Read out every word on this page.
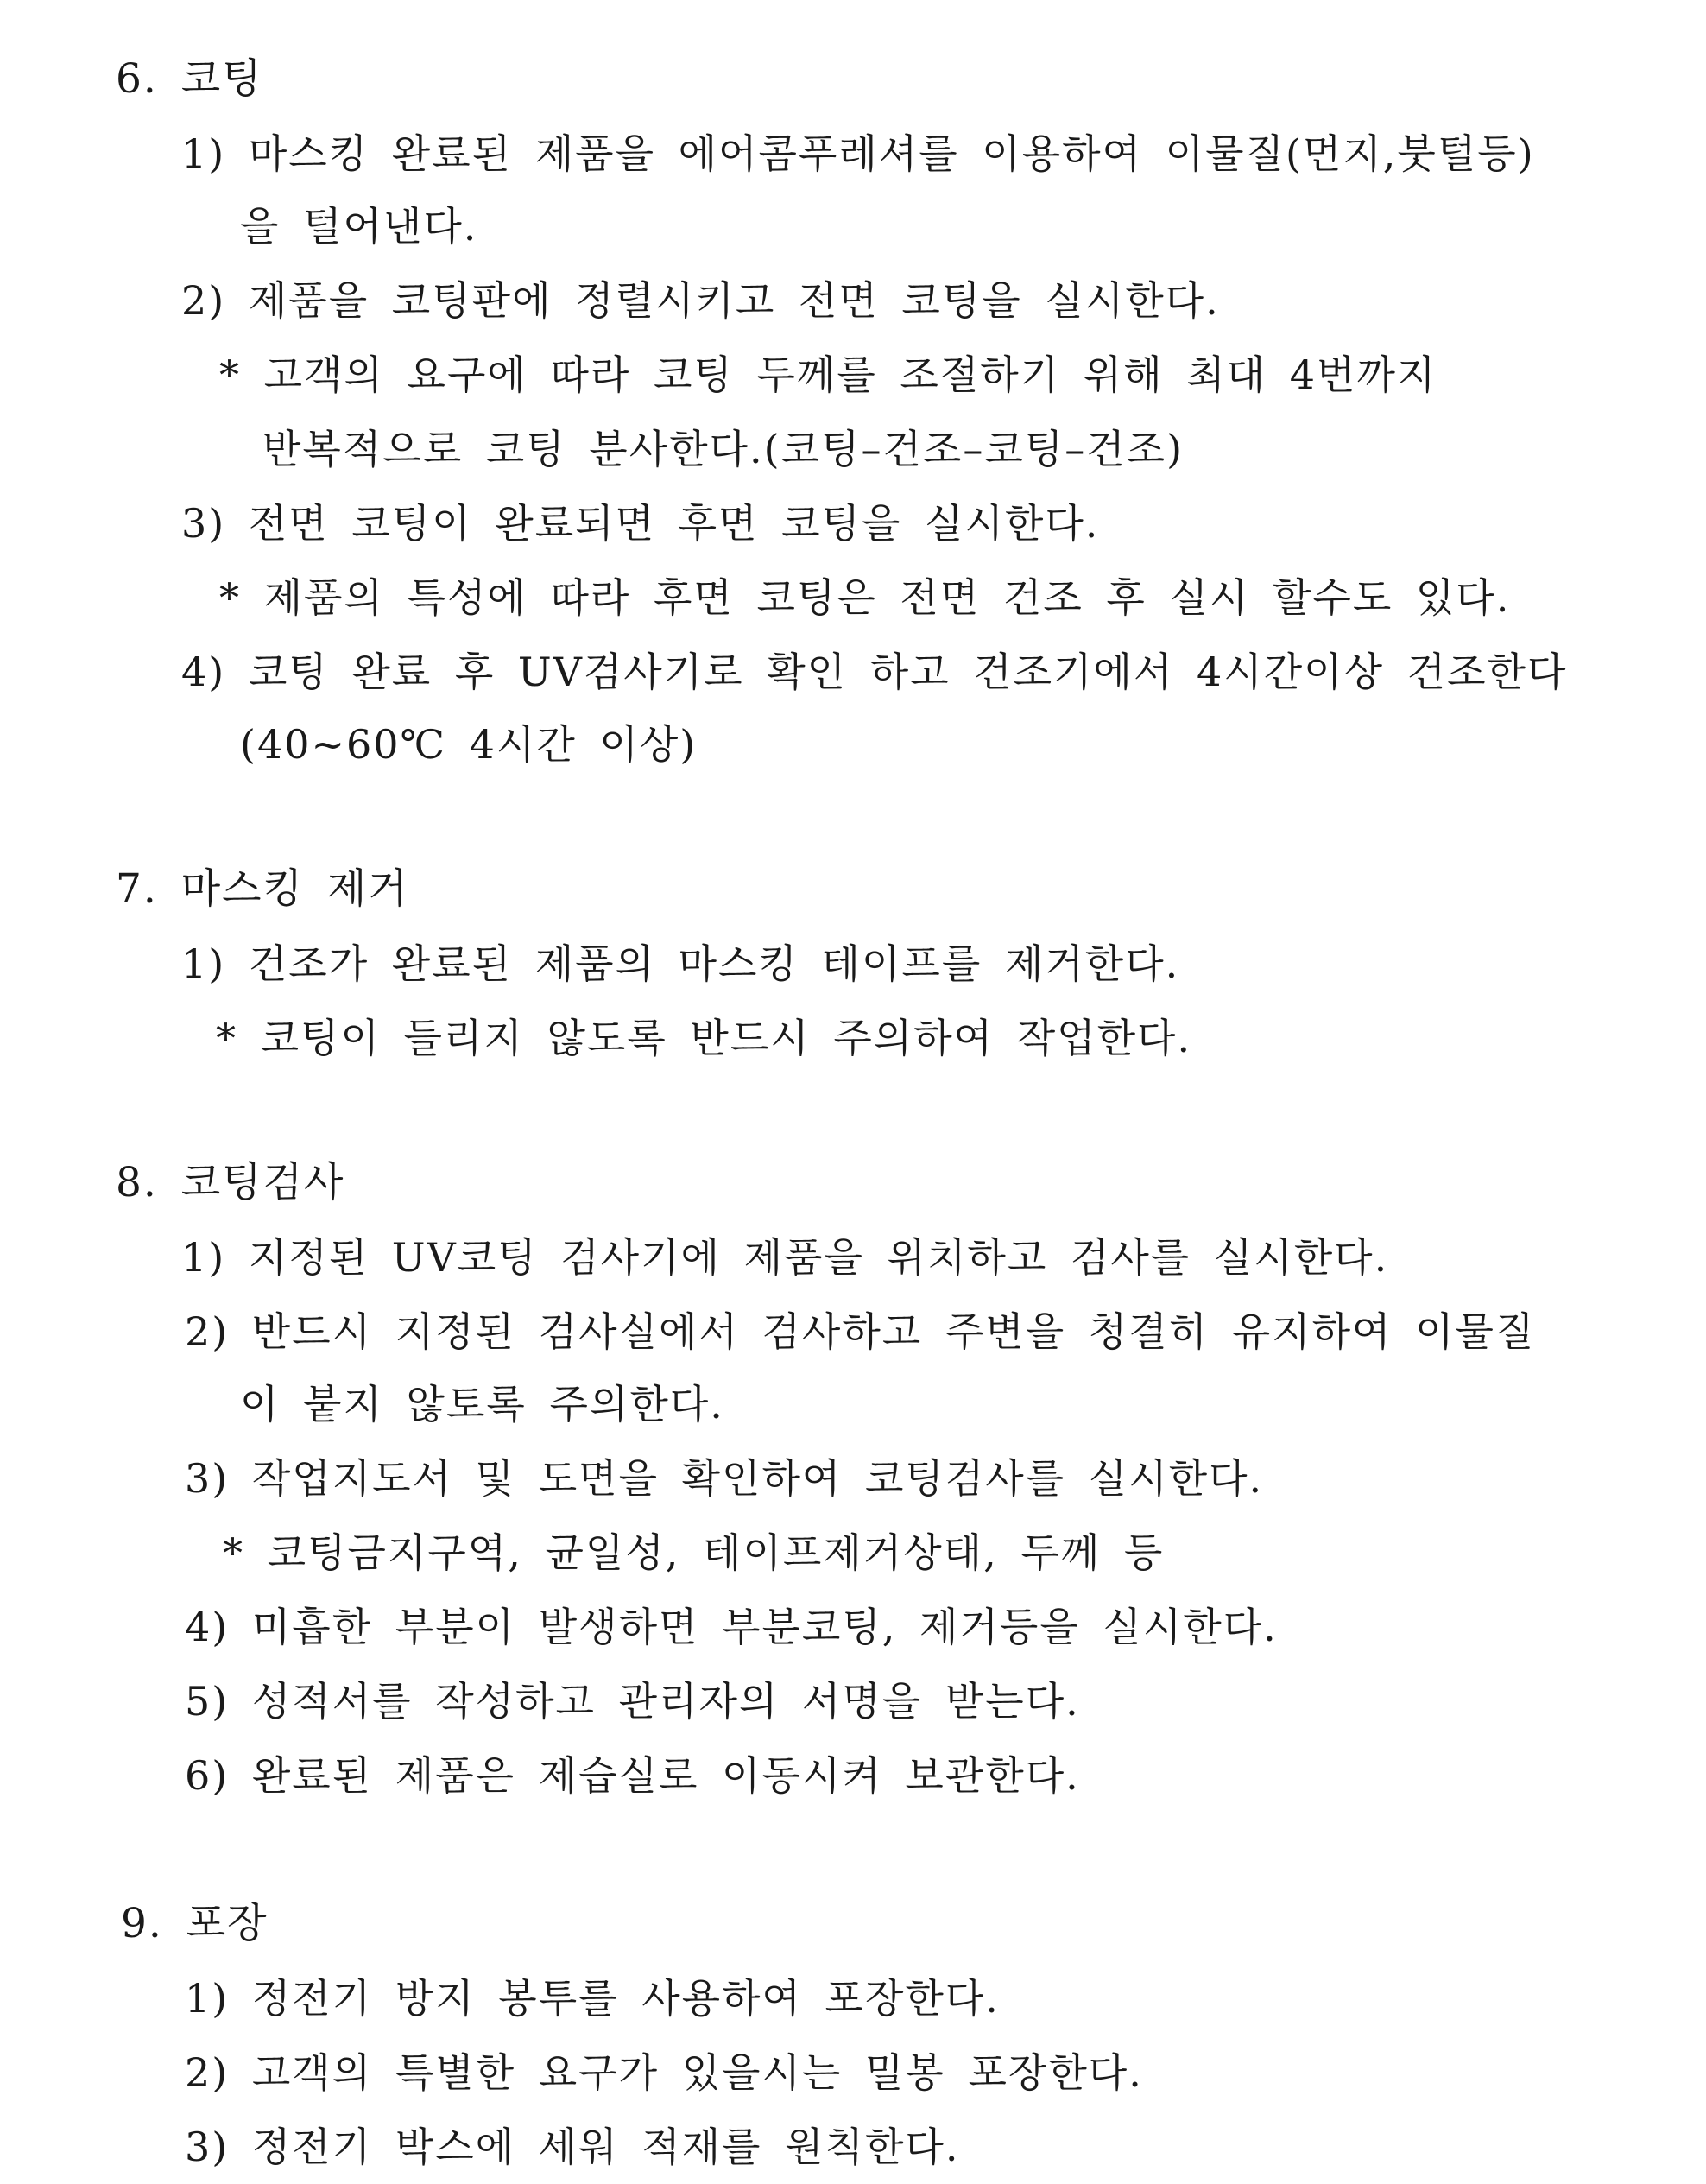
6. 코팅
1) 마스킹 완료된 제품을 에어콤푸레셔를 이용하여 이물질(먼지,붓털등)
을 털어낸다.
2) 제품을 코팅판에 정렬시키고 전면 코팅을 실시한다.
* 고객의 요구에 따라 코팅 두께를 조절하기 위해 최대 4번까지
반복적으로 코팅 분사한다.(코팅–건조–코팅–건조)
3) 전면 코팅이 완료되면 후면 코팅을 실시한다.
* 제품의 특성에 따라 후면 코팅은 전면 건조 후 실시 할수도 있다.
4) 코팅 완료 후 UV검사기로 확인 하고 건조기에서 4시간이상 건조한다
(40~60℃ 4시간 이상)
7. 마스킹 제거
1) 건조가 완료된 제품의 마스킹 테이프를 제거한다.
* 코팅이 들리지 않도록 반드시 주의하여 작업한다.
8. 코팅검사
1) 지정된 UV코팅 검사기에 제품을 위치하고 검사를 실시한다.
2) 반드시 지정된 검사실에서 검사하고 주변을 청결히 유지하여 이물질
이 붙지 않토록 주의한다.
3) 작업지도서 및 도면을 확인하여 코팅검사를 실시한다.
* 코팅금지구역, 균일성, 테이프제거상태, 두께 등
4) 미흡한 부분이 발생하면 부분코팅, 제거등을 실시한다.
5) 성적서를 작성하고 관리자의 서명을 받는다.
6) 완료된 제품은 제습실로 이동시켜 보관한다.
9. 포장
1) 정전기 방지 봉투를 사용하여 포장한다.
2) 고객의 특별한 요구가 있을시는 밀봉 포장한다.
3) 정전기 박스에 세워 적재를 원칙한다.
